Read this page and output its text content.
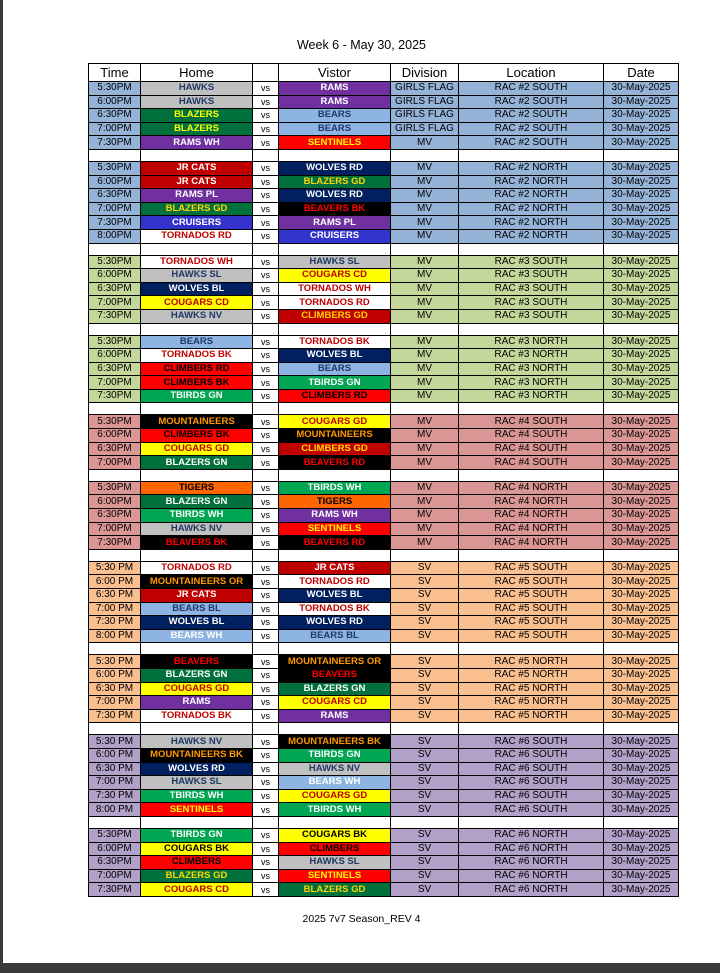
Week 6 - May 30, 2025
Time	Home		Vistor	Division	Location	Date
5:30PM	HAWKS	vs	RAMS	GIRLS FLAG	RAC #2 SOUTH	30-May-2025
6:00PM	HAWKS	vs	RAMS	GIRLS FLAG	RAC #2 SOUTH	30-May-2025
6:30PM	BLAZERS	vs	BEARS	GIRLS FLAG	RAC #2 SOUTH	30-May-2025
7:00PM	BLAZERS	vs	BEARS	GIRLS FLAG	RAC #2 SOUTH	30-May-2025
7:30PM	RAMS WH	vs	SENTINELS	MV	RAC #2 SOUTH	30-May-2025

5:30PM	JR CATS	vs	WOLVES RD	MV	RAC #2 NORTH	30-May-2025
6:00PM	JR CATS	vs	BLAZERS GD	MV	RAC #2 NORTH	30-May-2025
6:30PM	RAMS PL	vs	WOLVES RD	MV	RAC #2 NORTH	30-May-2025
7:00PM	BLAZERS GD	vs	BEAVERS BK	MV	RAC #2 NORTH	30-May-2025
7:30PM	CRUISERS	vs	RAMS PL	MV	RAC #2 NORTH	30-May-2025
8:00PM	TORNADOS RD	vs	CRUISERS	MV	RAC #2 NORTH	30-May-2025

5:30PM	TORNADOS WH	vs	HAWKS SL	MV	RAC #3 SOUTH	30-May-2025
6:00PM	HAWKS SL	vs	COUGARS CD	MV	RAC #3 SOUTH	30-May-2025
6:30PM	WOLVES BL	vs	TORNADOS WH	MV	RAC #3 SOUTH	30-May-2025
7:00PM	COUGARS CD	vs	TORNADOS RD	MV	RAC #3 SOUTH	30-May-2025
7:30PM	HAWKS NV	vs	CLIMBERS GD	MV	RAC #3 SOUTH	30-May-2025

5:30PM	BEARS	vs	TORNADOS BK	MV	RAC #3 NORTH	30-May-2025
6:00PM	TORNADOS BK	vs	WOLVES BL	MV	RAC #3 NORTH	30-May-2025
6:30PM	CLIMBERS RD	vs	BEARS	MV	RAC #3 NORTH	30-May-2025
7:00PM	CLIMBERS BK	vs	TBIRDS GN	MV	RAC #3 NORTH	30-May-2025
7:30PM	TBIRDS GN	vs	CLIMBERS RD	MV	RAC #3 NORTH	30-May-2025

5:30PM	MOUNTAINEERS	vs	COUGARS GD	MV	RAC #4 SOUTH	30-May-2025
6:00PM	CLIMBERS BK	vs	MOUNTAINEERS	MV	RAC #4 SOUTH	30-May-2025
6:30PM	COUGARS GD	vs	CLIMBERS GD	MV	RAC #4 SOUTH	30-May-2025
7:00PM	BLAZERS GN	vs	BEAVERS RD	MV	RAC #4 SOUTH	30-May-2025

5:30PM	TIGERS	vs	TBIRDS WH	MV	RAC #4 NORTH	30-May-2025
6:00PM	BLAZERS GN	vs	TIGERS	MV	RAC #4 NORTH	30-May-2025
6:30PM	TBIRDS WH	vs	RAMS WH	MV	RAC #4 NORTH	30-May-2025
7:00PM	HAWKS NV	vs	SENTINELS	MV	RAC #4 NORTH	30-May-2025
7:30PM	BEAVERS BK	vs	BEAVERS RD	MV	RAC #4 NORTH	30-May-2025

5:30 PM	TORNADOS RD	vs	JR CATS	SV	RAC #5 SOUTH	30-May-2025
6:00 PM	MOUNTAINEERS OR	vs	TORNADOS RD	SV	RAC #5 SOUTH	30-May-2025
6:30 PM	JR CATS	vs	WOLVES BL	SV	RAC #5 SOUTH	30-May-2025
7:00 PM	BEARS BL	vs	TORNADOS BK	SV	RAC #5 SOUTH	30-May-2025
7:30 PM	WOLVES BL	vs	WOLVES RD	SV	RAC #5 SOUTH	30-May-2025
8:00 PM	BEARS WH	vs	BEARS BL	SV	RAC #5 SOUTH	30-May-2025

5:30 PM	BEAVERS	vs	MOUNTAINEERS OR	SV	RAC #5 NORTH	30-May-2025
6:00 PM	BLAZERS GN	vs	BEAVERS	SV	RAC #5 NORTH	30-May-2025
6:30 PM	COUGARS GD	vs	BLAZERS GN	SV	RAC #5 NORTH	30-May-2025
7:00 PM	RAMS	vs	COUGARS CD	SV	RAC #5 NORTH	30-May-2025
7:30 PM	TORNADOS BK	vs	RAMS	SV	RAC #5 NORTH	30-May-2025

5:30 PM	HAWKS NV	vs	MOUNTAINEERS BK	SV	RAC #6 SOUTH	30-May-2025
6:00 PM	MOUNTAINEERS BK	vs	TBIRDS GN	SV	RAC #6 SOUTH	30-May-2025
6:30 PM	WOLVES RD	vs	HAWKS NV	SV	RAC #6 SOUTH	30-May-2025
7:00 PM	HAWKS SL	vs	BEARS WH	SV	RAC #6 SOUTH	30-May-2025
7:30 PM	TBIRDS WH	vs	COUGARS GD	SV	RAC #6 SOUTH	30-May-2025
8:00 PM	SENTINELS	vs	TBIRDS WH	SV	RAC #6 SOUTH	30-May-2025

5:30PM	TBIRDS GN	vs	COUGARS BK	SV	RAC #6 NORTH	30-May-2025
6:00PM	COUGARS BK	vs	CLIMBERS	SV	RAC #6 NORTH	30-May-2025
6:30PM	CLIMBERS	vs	HAWKS SL	SV	RAC #6 NORTH	30-May-2025
7:00PM	BLAZERS GD	vs	SENTINELS	SV	RAC #6 NORTH	30-May-2025
7:30PM	COUGARS CD	vs	BLAZERS GD	SV	RAC #6 NORTH	30-May-2025
2025 7v7 Season_REV 4
